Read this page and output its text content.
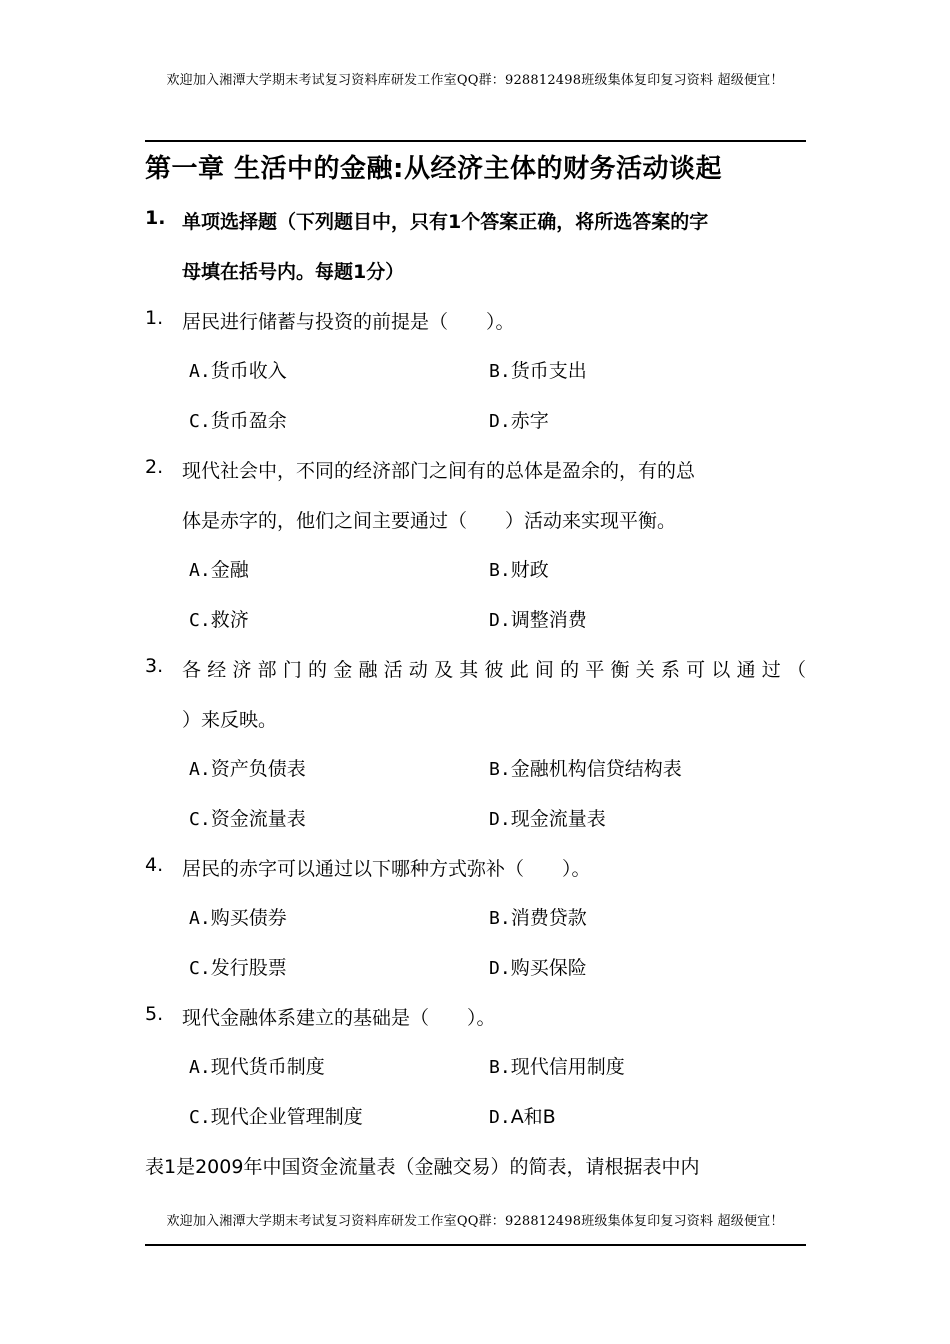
欢迎加入湘潭大学期末考试复习资料库研发工作室QQ群：928812498班级集体复印复习资料 超级便宜！
第一章 生活中的金融:从经济主体的财务活动谈起
1. 单项选择题（下列题目中，只有1个答案正确，将所选答案的字
母填在括号内。每题1分）
1. 居民进行储蓄与投资的前提是（　　）。
A.货币收入	B.货币支出
C.货币盈余	D.赤字
2. 现代社会中，不同的经济部门之间有的总体是盈余的，有的总
体是赤字的，他们之间主要通过（　　）活动来实现平衡。
A.金融	B.财政
C.救济	D.调整消费
3. 各经济部门的金融活动及其彼此间的平衡关系可以通过（
）来反映。
A.资产负债表	B.金融机构信贷结构表
C.资金流量表	D.现金流量表
4. 居民的赤字可以通过以下哪种方式弥补（　　）。
A.购买债券	B.消费贷款
C.发行股票	D.购买保险
5. 现代金融体系建立的基础是（　　）。
A.现代货币制度	B.现代信用制度
C.现代企业管理制度	D.A和B
表1是2009年中国资金流量表（金融交易）的简表，请根据表中内
欢迎加入湘潭大学期末考试复习资料库研发工作室QQ群：928812498班级集体复印复习资料 超级便宜！
